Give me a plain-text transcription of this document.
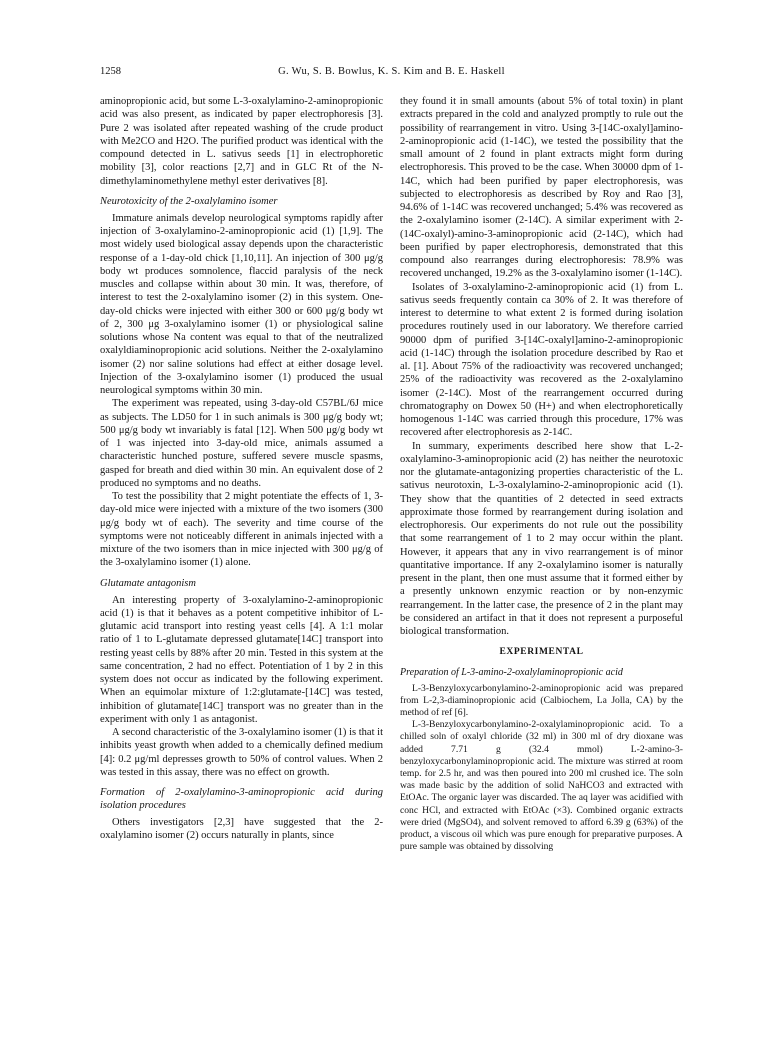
1258	G. Wu, S. B. Bowlus, K. S. Kim and B. E. Haskell

aminopropionic acid, but some L-3-oxalylamino-2-aminopropionic acid was also present, as indicated by paper electrophoresis [3]. Pure 2 was isolated after repeated washing of the crude product with Me2CO and H2O. The purified product was identical with the compound detected in L. sativus seeds [1] in electrophoretic mobility [3], color reactions [2,7] and in GLC Rt of the N-dimethylaminomethylene methyl ester derivatives [8].

Neurotoxicity of the 2-oxalylamino isomer

Immature animals develop neurological symptoms rapidly after injection of 3-oxalylamino-2-aminopropionic acid (1) [1,9]. The most widely used biological assay depends upon the characteristic response of a 1-day-old chick [1,10,11]. An injection of 300 μg/g body wt produces somnolence, flaccid paralysis of the neck muscles and collapse within about 30 min. It was, therefore, of interest to test the 2-oxalylamino isomer (2) in this system. One-day-old chicks were injected with either 300 or 600 μg/g body wt of 2, 300 μg 3-oxalylamino isomer (1) or physiological saline solutions whose Na content was equal to that of the neutralized oxalyldiaminopropionic acid solutions. Neither the 2-oxalylamino isomer (2) nor saline solutions had effect at either dosage level. Injection of the 3-oxalylamino isomer (1) produced the usual neurological symptoms within 30 min.

The experiment was repeated, using 3-day-old C57BL/6J mice as subjects. The LD50 for 1 in such animals is 300 μg/g body wt; 500 μg/g body wt invariably is fatal [12]. When 500 μg/g body wt of 1 was injected into 3-day-old mice, animals assumed a characteristic hunched posture, suffered severe muscle spasms, gasped for breath and died within 30 min. An equivalent dose of 2 produced no symptoms and no deaths.

To test the possibility that 2 might potentiate the effects of 1, 3-day-old mice were injected with a mixture of the two isomers (300 μg/g body wt of each). The severity and time course of the symptoms were not noticeably different in animals injected with a mixture of the two isomers than in mice injected with 300 μg/g of the 3-oxalylamino isomer (1) alone.

Glutamate antagonism

An interesting property of 3-oxalylamino-2-aminopropionic acid (1) is that it behaves as a potent competitive inhibitor of L-glutamic acid transport into resting yeast cells [4]. A 1:1 molar ratio of 1 to L-glutamate depressed glutamate[14C] transport into resting yeast cells by 88% after 20 min. Tested in this system at the same concentration, 2 had no effect. Potentiation of 1 by 2 in this system does not occur as indicated by the following experiment. When an equimolar mixture of 1:2:glutamate-[14C] was tested, inhibition of glutamate[14C] transport was no greater than in the experiment with only 1 as antagonist.

A second characteristic of the 3-oxalylamino isomer (1) is that it inhibits yeast growth when added to a chemically defined medium [4]: 0.2 μg/ml depresses growth to 50% of control values. When 2 was tested in this assay, there was no effect on growth.

Formation of 2-oxalylamino-3-aminopropionic acid during isolation procedures

Others investigators [2,3] have suggested that the 2-oxalylamino isomer (2) occurs naturally in plants, since

they found it in small amounts (about 5% of total toxin) in plant extracts prepared in the cold and analyzed promptly to rule out the possibility of rearrangement in vitro. Using 3-[14C-oxalyl]amino-2-aminopropionic acid (1-14C), we tested the possibility that the small amount of 2 found in plant extracts might form during electrophoresis. This proved to be the case. When 30000 dpm of 1-14C, which had been purified by paper electrophoresis, was subjected to electrophoresis as described by Roy and Rao [3], 94.6% of 1-14C was recovered unchanged; 5.4% was recovered as the 2-oxalylamino isomer (2-14C). A similar experiment with 2-(14C-oxalyl)-amino-3-aminopropionic acid (2-14C), which had been purified by paper electrophoresis, demonstrated that this compound also rearranges during electrophoresis: 78.9% was recovered unchanged, 19.2% as the 3-oxalylamino isomer (1-14C).

Isolates of 3-oxalylamino-2-aminopropionic acid (1) from L. sativus seeds frequently contain ca 30% of 2. It was therefore of interest to determine to what extent 2 is formed during isolation procedures routinely used in our laboratory. We therefore carried 90000 dpm of purified 3-[14C-oxalyl]amino-2-aminopropionic acid (1-14C) through the isolation procedure described by Rao et al. [1]. About 75% of the radioactivity was recovered unchanged; 25% of the radioactivity was recovered as the 2-oxalylamino isomer (2-14C). Most of the rearrangement occurred during chromatography on Dowex 50 (H+) and when electrophoretically homogenous 1-14C was carried through this procedure, 17% was recovered after electrophoresis as 2-14C.

In summary, experiments described here show that L-2-oxalylamino-3-aminopropionic acid (2) has neither the neurotoxic nor the glutamate-antagonizing properties characteristic of the L. sativus neurotoxin, L-3-oxalylamino-2-aminopropionic acid (1). They show that the quantities of 2 detected in seed extracts approximate those formed by rearrangement during isolation and electrophoresis. Our experiments do not rule out the possibility that some rearrangement of 1 to 2 may occur within the plant. However, it appears that any in vivo rearrangement is of minor quantitative importance. If any 2-oxalylamino isomer is naturally present in the plant, then one must assume that it formed either by a presently unknown enzymic reaction or by non-enzymic rearrangement. In the latter case, the presence of 2 in the plant may be considered an artifact in that it does not represent a purposeful biological transformation.

EXPERIMENTAL
Preparation of L-3-amino-2-oxalylaminopropionic acid

L-3-Benzyloxycarbonylamino-2-aminopropionic acid was prepared from L-2,3-diaminopropionic acid (Calbiochem, La Jolla, CA) by the method of ref [6].

L-3-Benzyloxycarbonylamino-2-oxalylaminopropionic acid. To a chilled soln of oxalyl chloride (32 ml) in 300 ml of dry dioxane was added 7.71 g (32.4 mmol) L-2-amino-3-benzyloxycarbonylaminopropionic acid. The mixture was stirred at room temp. for 2.5 hr, and was then poured into 200 ml crushed ice. The soln was made basic by the addition of solid NaHCO3 and extracted with EtOAc. The organic layer was discarded. The aq layer was acidified with conc HCl, and extracted with EtOAc (×3). Combined organic extracts were dried (MgSO4), and solvent removed to afford 6.39 g (63%) of the product, a viscous oil which was pure enough for preparative purposes. A pure sample was obtained by dissolving
